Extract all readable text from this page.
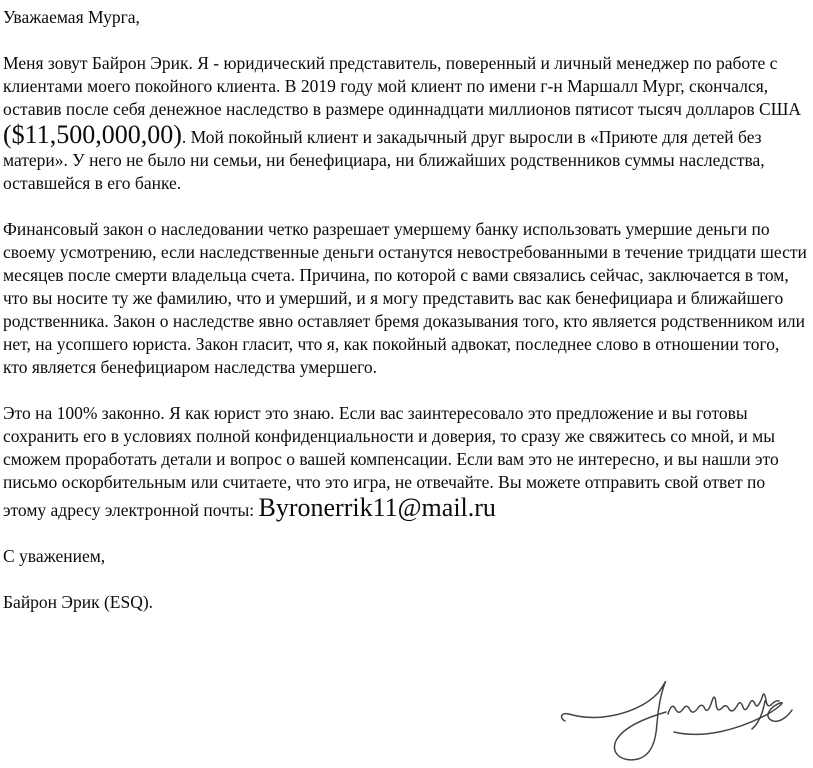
Уважаемая Мурга,

Меня зовут Байрон Эрик. Я - юридический представитель, поверенный и личный менеджер по работе с клиентами моего покойного клиента. В 2019 году мой клиент по имени г-н Маршалл Мург, скончался, оставив после себя денежное наследство в размере одиннадцати миллионов пятисот тысяч долларов США ($11,500,000,00). Мой покойный клиент и закадычный друг выросли в «Приюте для детей без матери». У него не было ни семьи, ни бенефициара, ни ближайших родственников суммы наследства, оставшейся в его банке.

Финансовый закон о наследовании четко разрешает умершему банку использовать умершие деньги по своему усмотрению, если наследственные деньги останутся невостребованными в течение тридцати шести месяцев после смерти владельца счета. Причина, по которой с вами связались сейчас, заключается в том, что вы носите ту же фамилию, что и умерший, и я могу представить вас как бенефициара и ближайшего родственника. Закон о наследстве явно оставляет бремя доказывания того, кто является родственником или нет, на усопшего юриста. Закон гласит, что я, как покойный адвокат, последнее слово в отношении того, кто является бенефициаром наследства умершего.

Это на 100% законно. Я как юрист это знаю. Если вас заинтересовало это предложение и вы готовы сохранить его в условиях полной конфиденциальности и доверия, то сразу же свяжитесь со мной, и мы сможем проработать детали и вопрос о вашей компенсации. Если вам это не интересно, и вы нашли это письмо оскорбительным или считаете, что это игра, не отвечайте. Вы можете отправить свой ответ по этому адресу электронной почты: Byronerrik11@mail.ru

С уважением,

Байрон Эрик (ESQ).
